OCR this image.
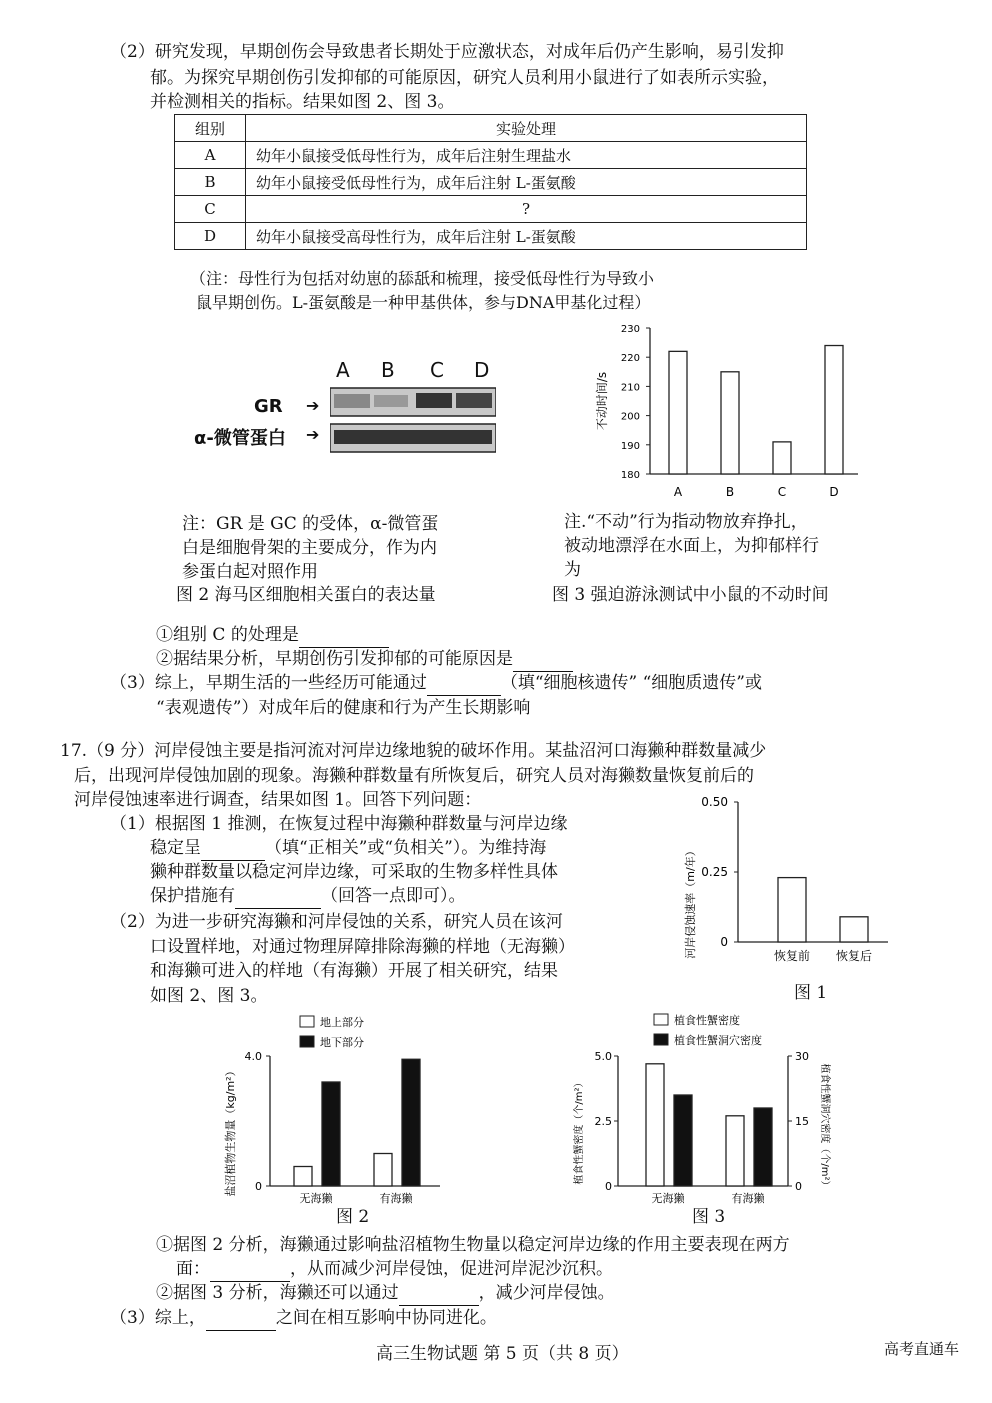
（2）研究发现，早期创伤会导致患者长期处于应激状态，对成年后仍产生影响，易引发抑
郁。为探究早期创伤引发抑郁的可能原因，研究人员利用小鼠进行了如表所示实验，
并检测相关的指标。结果如图 2、图 3。
组别	实验处理
A	幼年小鼠接受低母性行为，成年后注射生理盐水
B	幼年小鼠接受低母性行为，成年后注射 L-蛋氨酸
C	?
D	幼年小鼠接受高母性行为，成年后注射 L-蛋氨酸
（注：母性行为包括对幼崽的舔舐和梳理，接受低母性行为导致小
鼠早期创伤。L-蛋氨酸是一种甲基供体，参与DNA甲基化过程）
A B C D
GR ➔
α-微管蛋白 ➔
注：GR 是 GC 的受体，α-微管蛋
白是细胞骨架的主要成分，作为内
参蛋白起对照作用
图 2 海马区细胞相关蛋白的表达量
180
190
200
210
220
230
A	B	C	D
不动时间/s
注.“不动”行为指动物放弃挣扎，
被动地漂浮在水面上，为抑郁样行
为
图 3 强迫游泳测试中小鼠的不动时间
①组别 C 的处理是
②据结果分析，早期创伤引发抑郁的可能原因是
（3）综上，早期生活的一些经历可能通过	（填“细胞核遗传” “细胞质遗传”或
“表观遗传”）对成年后的健康和行为产生长期影响
17.（9 分）河岸侵蚀主要是指河流对河岸边缘地貌的破坏作用。某盐沼河口海獭种群数量减少
后，出现河岸侵蚀加剧的现象。海獭种群数量有所恢复后，研究人员对海獭数量恢复前后的
河岸侵蚀速率进行调查，结果如图 1。回答下列问题：
（1）根据图 1 推测，在恢复过程中海獭种群数量与河岸边缘
稳定呈	（填“正相关”或“负相关”）。为维持海
獭种群数量以稳定河岸边缘，可采取的生物多样性具体
保护措施有	（回答一点即可）。
（2）为进一步研究海獭和河岸侵蚀的关系，研究人员在该河
口设置样地，对通过物理屏障排除海獭的样地（无海獭）
和海獭可进入的样地（有海獭）开展了相关研究，结果
如图 2、图 3。
0
0.25
0.50
恢复前 恢复后
河岸侵蚀速率（m/年）
图 1
地上部分
地下部分
0
4.0
无海獭	有海獭
盐沼植物生物量（kg/m²）
图 2
植食性蟹密度
植食性蟹洞穴密度
0
2.5
5.0
0
15
30
无海獭	有海獭
植食性蟹密度（个/m²）	植食性蟹洞穴密度（个/m²）
图 3
①据图 2 分析，海獭通过影响盐沼植物生物量以稳定河岸边缘的作用主要表现在两方
面：	，从而减少河岸侵蚀，促进河岸泥沙沉积。
②据图 3 分析，海獭还可以通过	，减少河岸侵蚀。
（3）综上，	之间在相互影响中协同进化。
高三生物试题 第 5 页（共 8 页）	高考直通车
